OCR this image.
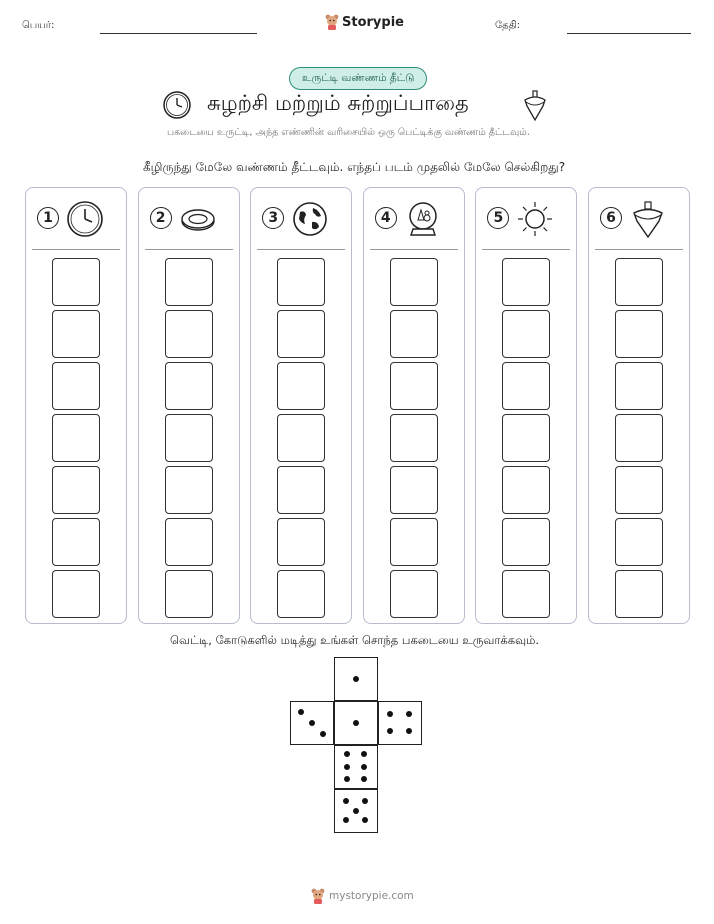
பெயர்:	Storypie	தேதி:
உருட்டி வண்ணம் தீட்டு
சுழற்சி மற்றும் சுற்றுப்பாதை
பகடையை உருட்டி, அந்த எண்ணின் வரிசையில் ஒரு பெட்டிக்கு வண்ணம் தீட்டவும்.
கீழிருந்து மேலே வண்ணம் தீட்டவும். எந்தப் படம் முதலில் மேலே செல்கிறது?
1	2	3	4	5	6
வெட்டி, கோடுகளில் மடித்து உங்கள் சொந்த பகடையை உருவாக்கவும்.
mystorypie.com
